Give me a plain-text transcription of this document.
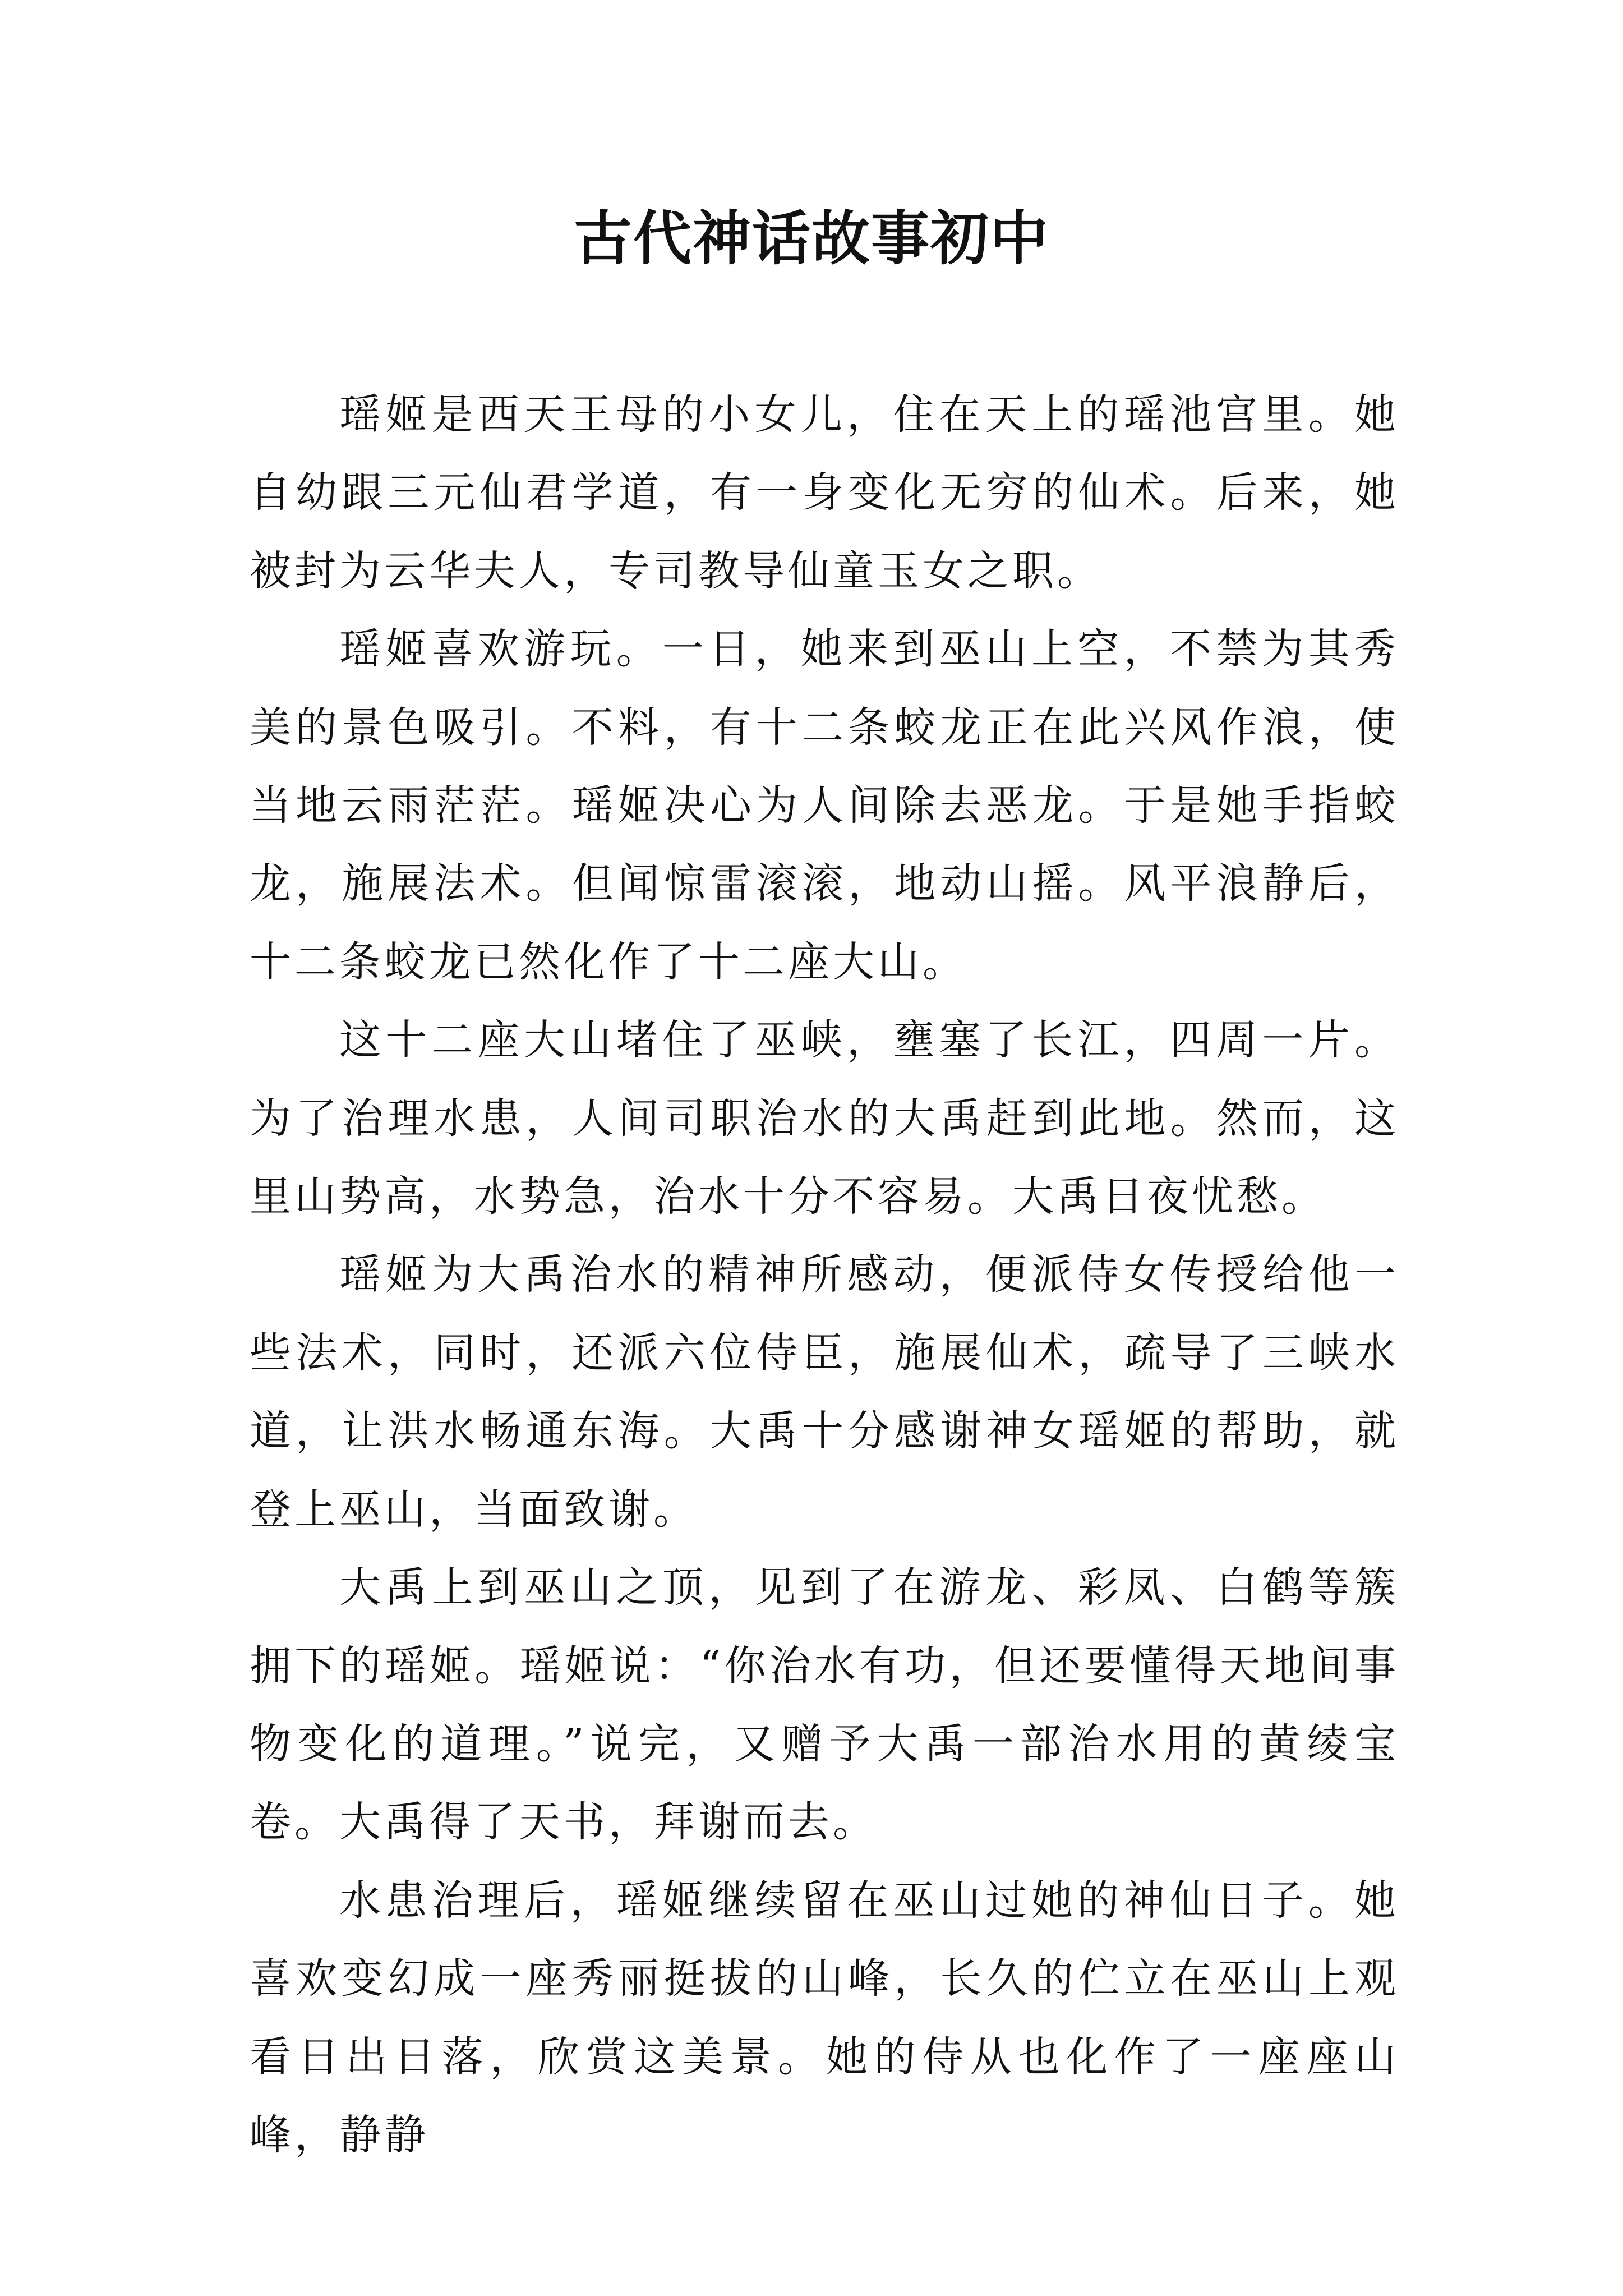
古代神话故事初中

瑶姬是西天王母的小女儿，住在天上的瑶池宫里。她自幼跟三元仙君学道，有一身变化无穷的仙术。后来，她被封为云华夫人，专司教导仙童玉女之职。

瑶姬喜欢游玩。一日，她来到巫山上空，不禁为其秀美的景色吸引。不料，有十二条蛟龙正在此兴风作浪，使当地云雨茫茫。瑶姬决心为人间除去恶龙。于是她手指蛟龙，施展法术。但闻惊雷滚滚，地动山摇。风平浪静后，十二条蛟龙已然化作了十二座大山。

这十二座大山堵住了巫峡，壅塞了长江，四周一片。为了治理水患，人间司职治水的大禹赶到此地。然而，这里山势高，水势急，治水十分不容易。大禹日夜忧愁。

瑶姬为大禹治水的精神所感动，便派侍女传授给他一些法术，同时，还派六位侍臣，施展仙术，疏导了三峡水道，让洪水畅通东海。大禹十分感谢神女瑶姬的帮助，就登上巫山，当面致谢。

大禹上到巫山之顶，见到了在游龙、彩凤、白鹤等簇拥下的瑶姬。瑶姬说：“你治水有功，但还要懂得天地间事物变化的道理。”说完，又赠予大禹一部治水用的黄绫宝卷。大禹得了天书，拜谢而去。

水患治理后，瑶姬继续留在巫山过她的神仙日子。她喜欢变幻成一座秀丽挺拔的山峰，长久的伫立在巫山上观看日出日落，欣赏这美景。她的侍从也化作了一座座山峰，静静
